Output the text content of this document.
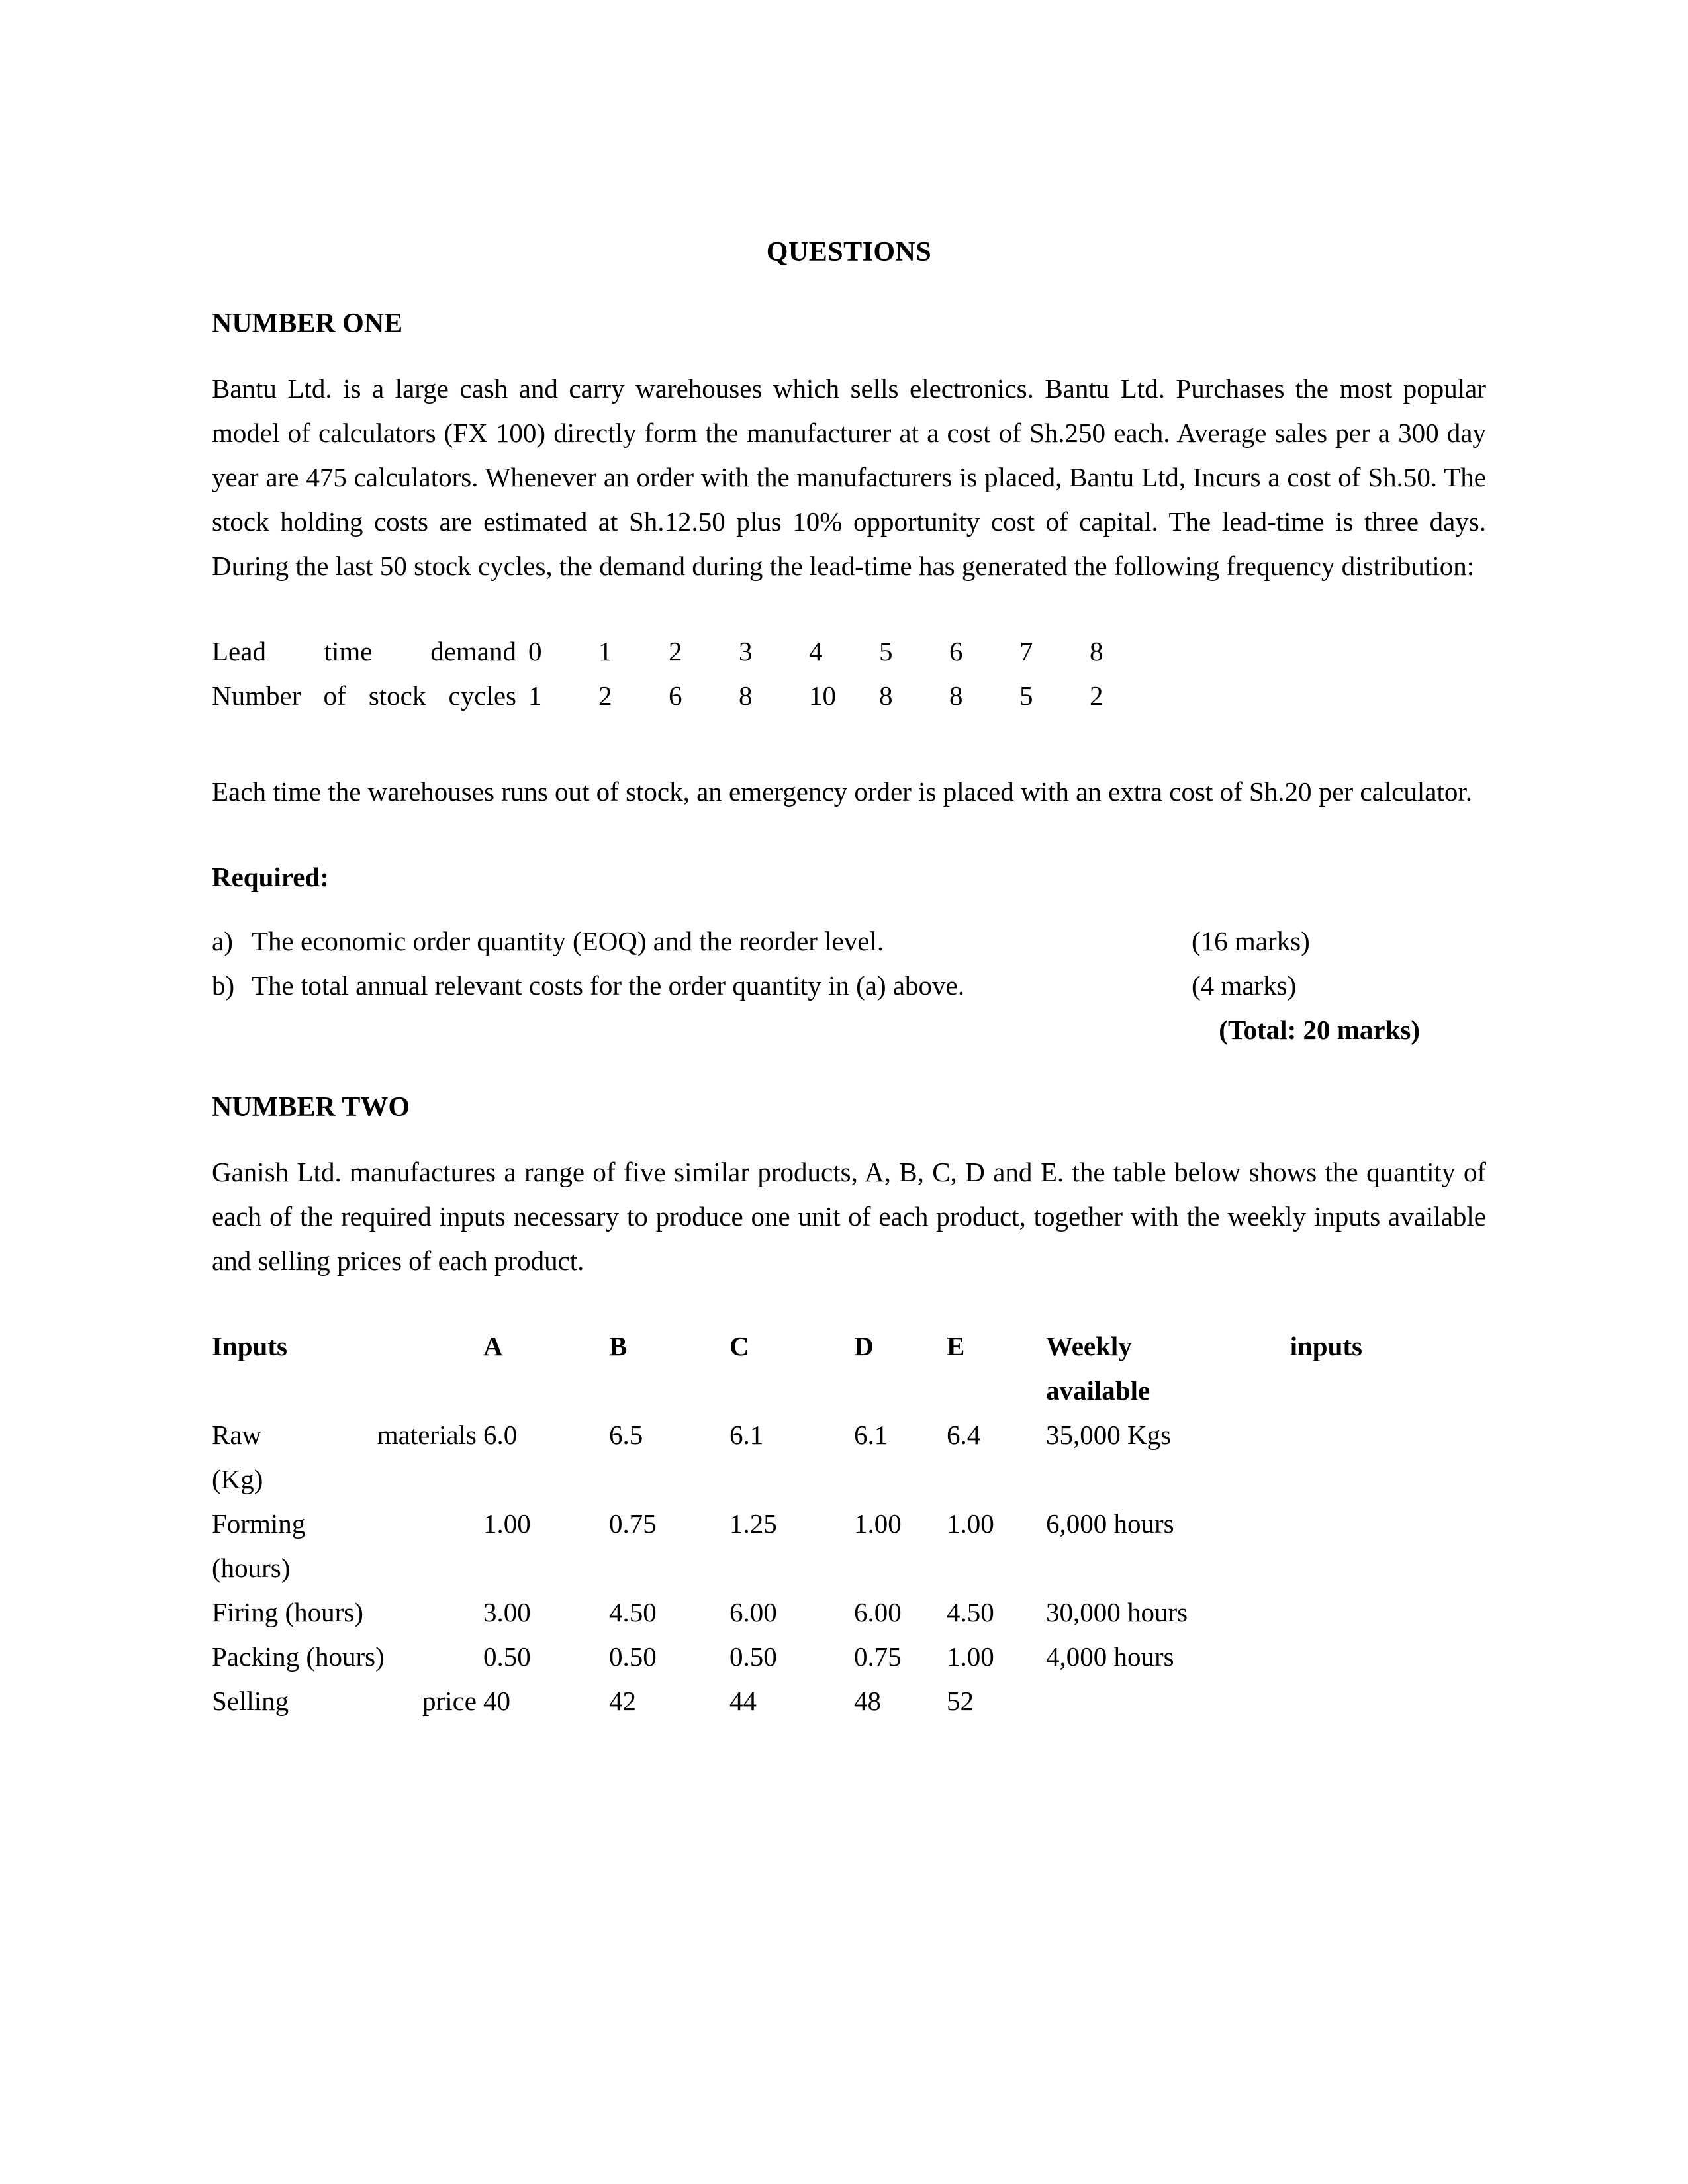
QUESTIONS
NUMBER ONE

Bantu Ltd. is a large cash and carry warehouses which sells electronics. Bantu Ltd. Purchases the most popular model of calculators (FX 100) directly form the manufacturer at a cost of Sh.250 each. Average sales per a 300 day year are 475 calculators. Whenever an order with the manufacturers is placed, Bantu Ltd, Incurs a cost of Sh.50. The stock holding costs are estimated at Sh.12.50 plus 10% opportunity cost of capital. The lead-time is three days. During the last 50 stock cycles, the demand during the lead-time has generated the following frequency distribution:

Lead time demand	0	1	2	3	4	5	6	7	8
Number of stock cycles	1	2	6	8	10	8	8	5	2

Each time the warehouses runs out of stock, an emergency order is placed with an extra cost of Sh.20 per calculator.

Required:
a)	The economic order quantity (EOQ) and the reorder level.	(16 marks)
b)	The total annual relevant costs for the order quantity in (a) above.	(4 marks)
(Total: 20 marks)
NUMBER TWO

Ganish Ltd. manufactures a range of five similar products, A, B, C, D and E. the table below shows the quantity of each of the required inputs necessary to produce one unit of each product, together with the weekly inputs available and selling prices of each product.

Inputs	A	B	C	D	E	Weekly inputs
available

Raw materials
(Kg)	6.0	6.5	6.1	6.1	6.4	35,000 Kgs

Forming
(hours)	1.00	0.75	1.25	1.00	1.00	6,000 hours
Firing (hours)	3.00	4.50	6.00	6.00	4.50	30,000 hours
Packing (hours)	0.50	0.50	0.50	0.75	1.00	4,000 hours

Selling price	40	42	44	48	52	
